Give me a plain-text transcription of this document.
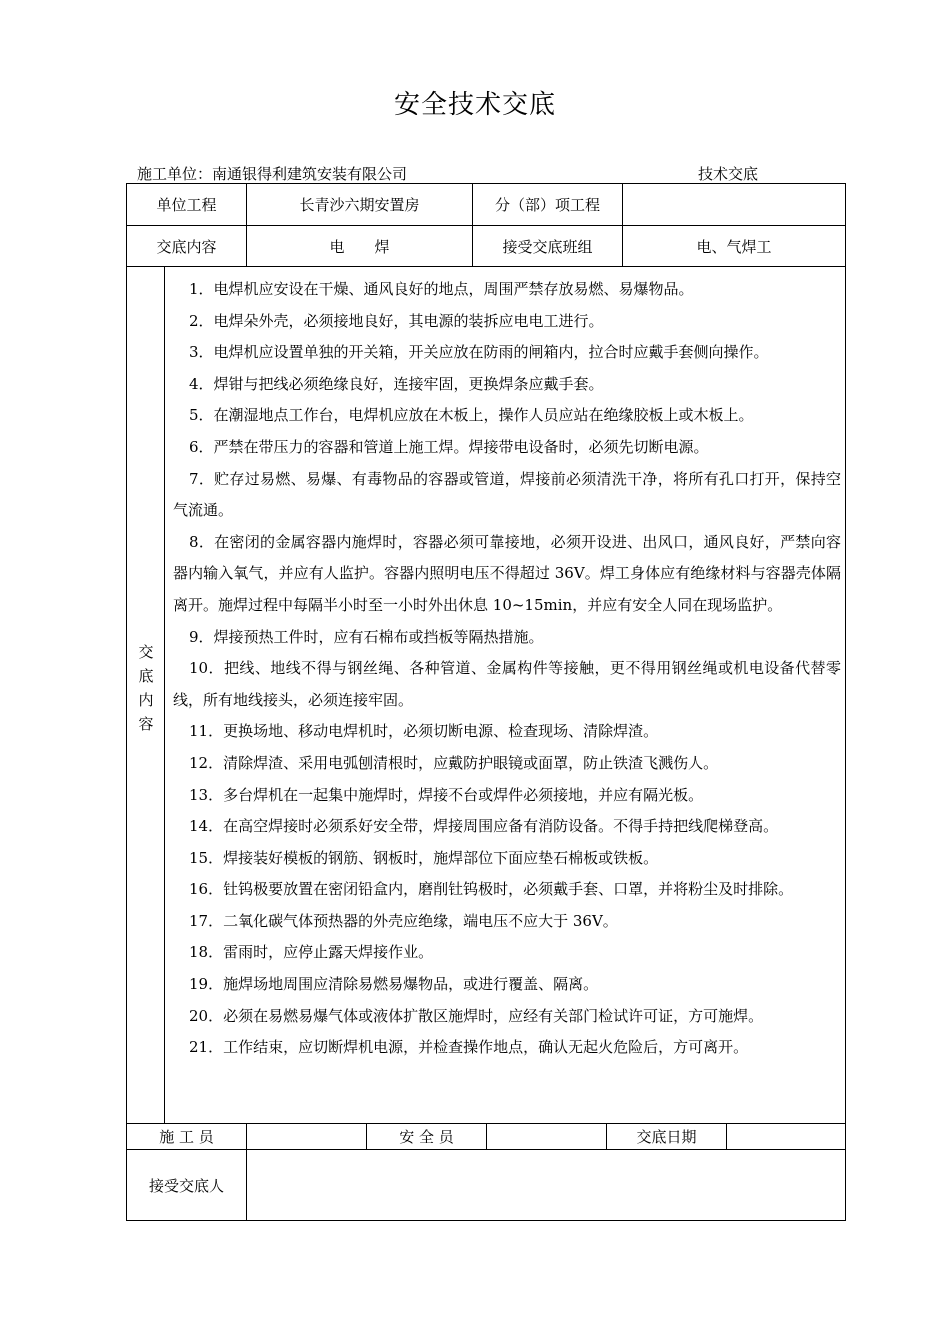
安全技术交底
施工单位：南通银得利建筑安装有限公司	技术交底
单位工程	长青沙六期安置房	分（部）项工程
交底内容	电　　焊	接受交底班组	电、气焊工
交
底
内
容

1．电焊机应安设在干燥、通风良好的地点，周围严禁存放易燃、易爆物品。

2．电焊朵外壳，必须接地良好，其电源的装拆应电电工进行。

3．电焊机应设置单独的开关箱，开关应放在防雨的闸箱内，拉合时应戴手套侧向操作。

4．焊钳与把线必须绝缘良好，连接牢固，更换焊条应戴手套。

5．在潮湿地点工作台，电焊机应放在木板上，操作人员应站在绝缘胶板上或木板上。

6．严禁在带压力的容器和管道上施工焊。焊接带电设备时，必须先切断电源。

7．贮存过易燃、易爆、有毒物品的容器或管道，焊接前必须清洗干净，将所有孔口打开，保持空气流通。

8．在密闭的金属容器内施焊时，容器必须可靠接地，必须开设进、出风口，通风良好，严禁向容器内输入氧气，并应有人监护。容器内照明电压不得超过 36V。焊工身体应有绝缘材料与容器壳体隔离开。施焊过程中每隔半小时至一小时外出休息 10~15min，并应有安全人同在现场监护。

9．焊接预热工件时，应有石棉布或挡板等隔热措施。

10．把线、地线不得与钢丝绳、各种管道、金属构件等接触，更不得用钢丝绳或机电设备代替零线，所有地线接头，必须连接牢固。

11．更换场地、移动电焊机时，必须切断电源、检查现场、清除焊渣。

12．清除焊渣、采用电弧刨清根时，应戴防护眼镜或面罩，防止铁渣飞溅伤人。

13．多台焊机在一起集中施焊时，焊接不台或焊件必须接地，并应有隔光板。

14．在高空焊接时必须系好安全带，焊接周围应备有消防设备。不得手持把线爬梯登高。

15．焊接装好模板的钢筋、钢板时，施焊部位下面应垫石棉板或铁板。

16．钍钨极要放置在密闭铅盒内，磨削钍钨极时，必须戴手套、口罩，并将粉尘及时排除。

17．二氧化碳气体预热器的外壳应绝缘，端电压不应大于 36V。

18．雷雨时，应停止露天焊接作业。

19．施焊场地周围应清除易燃易爆物品，或进行覆盖、隔离。

20．必须在易燃易爆气体或液体扩散区施焊时，应经有关部门检试许可证，方可施焊。

21．工作结束，应切断焊机电源，并检查操作地点，确认无起火危险后，方可离开。

施 工 员	安 全 员	交底日期
接受交底人
